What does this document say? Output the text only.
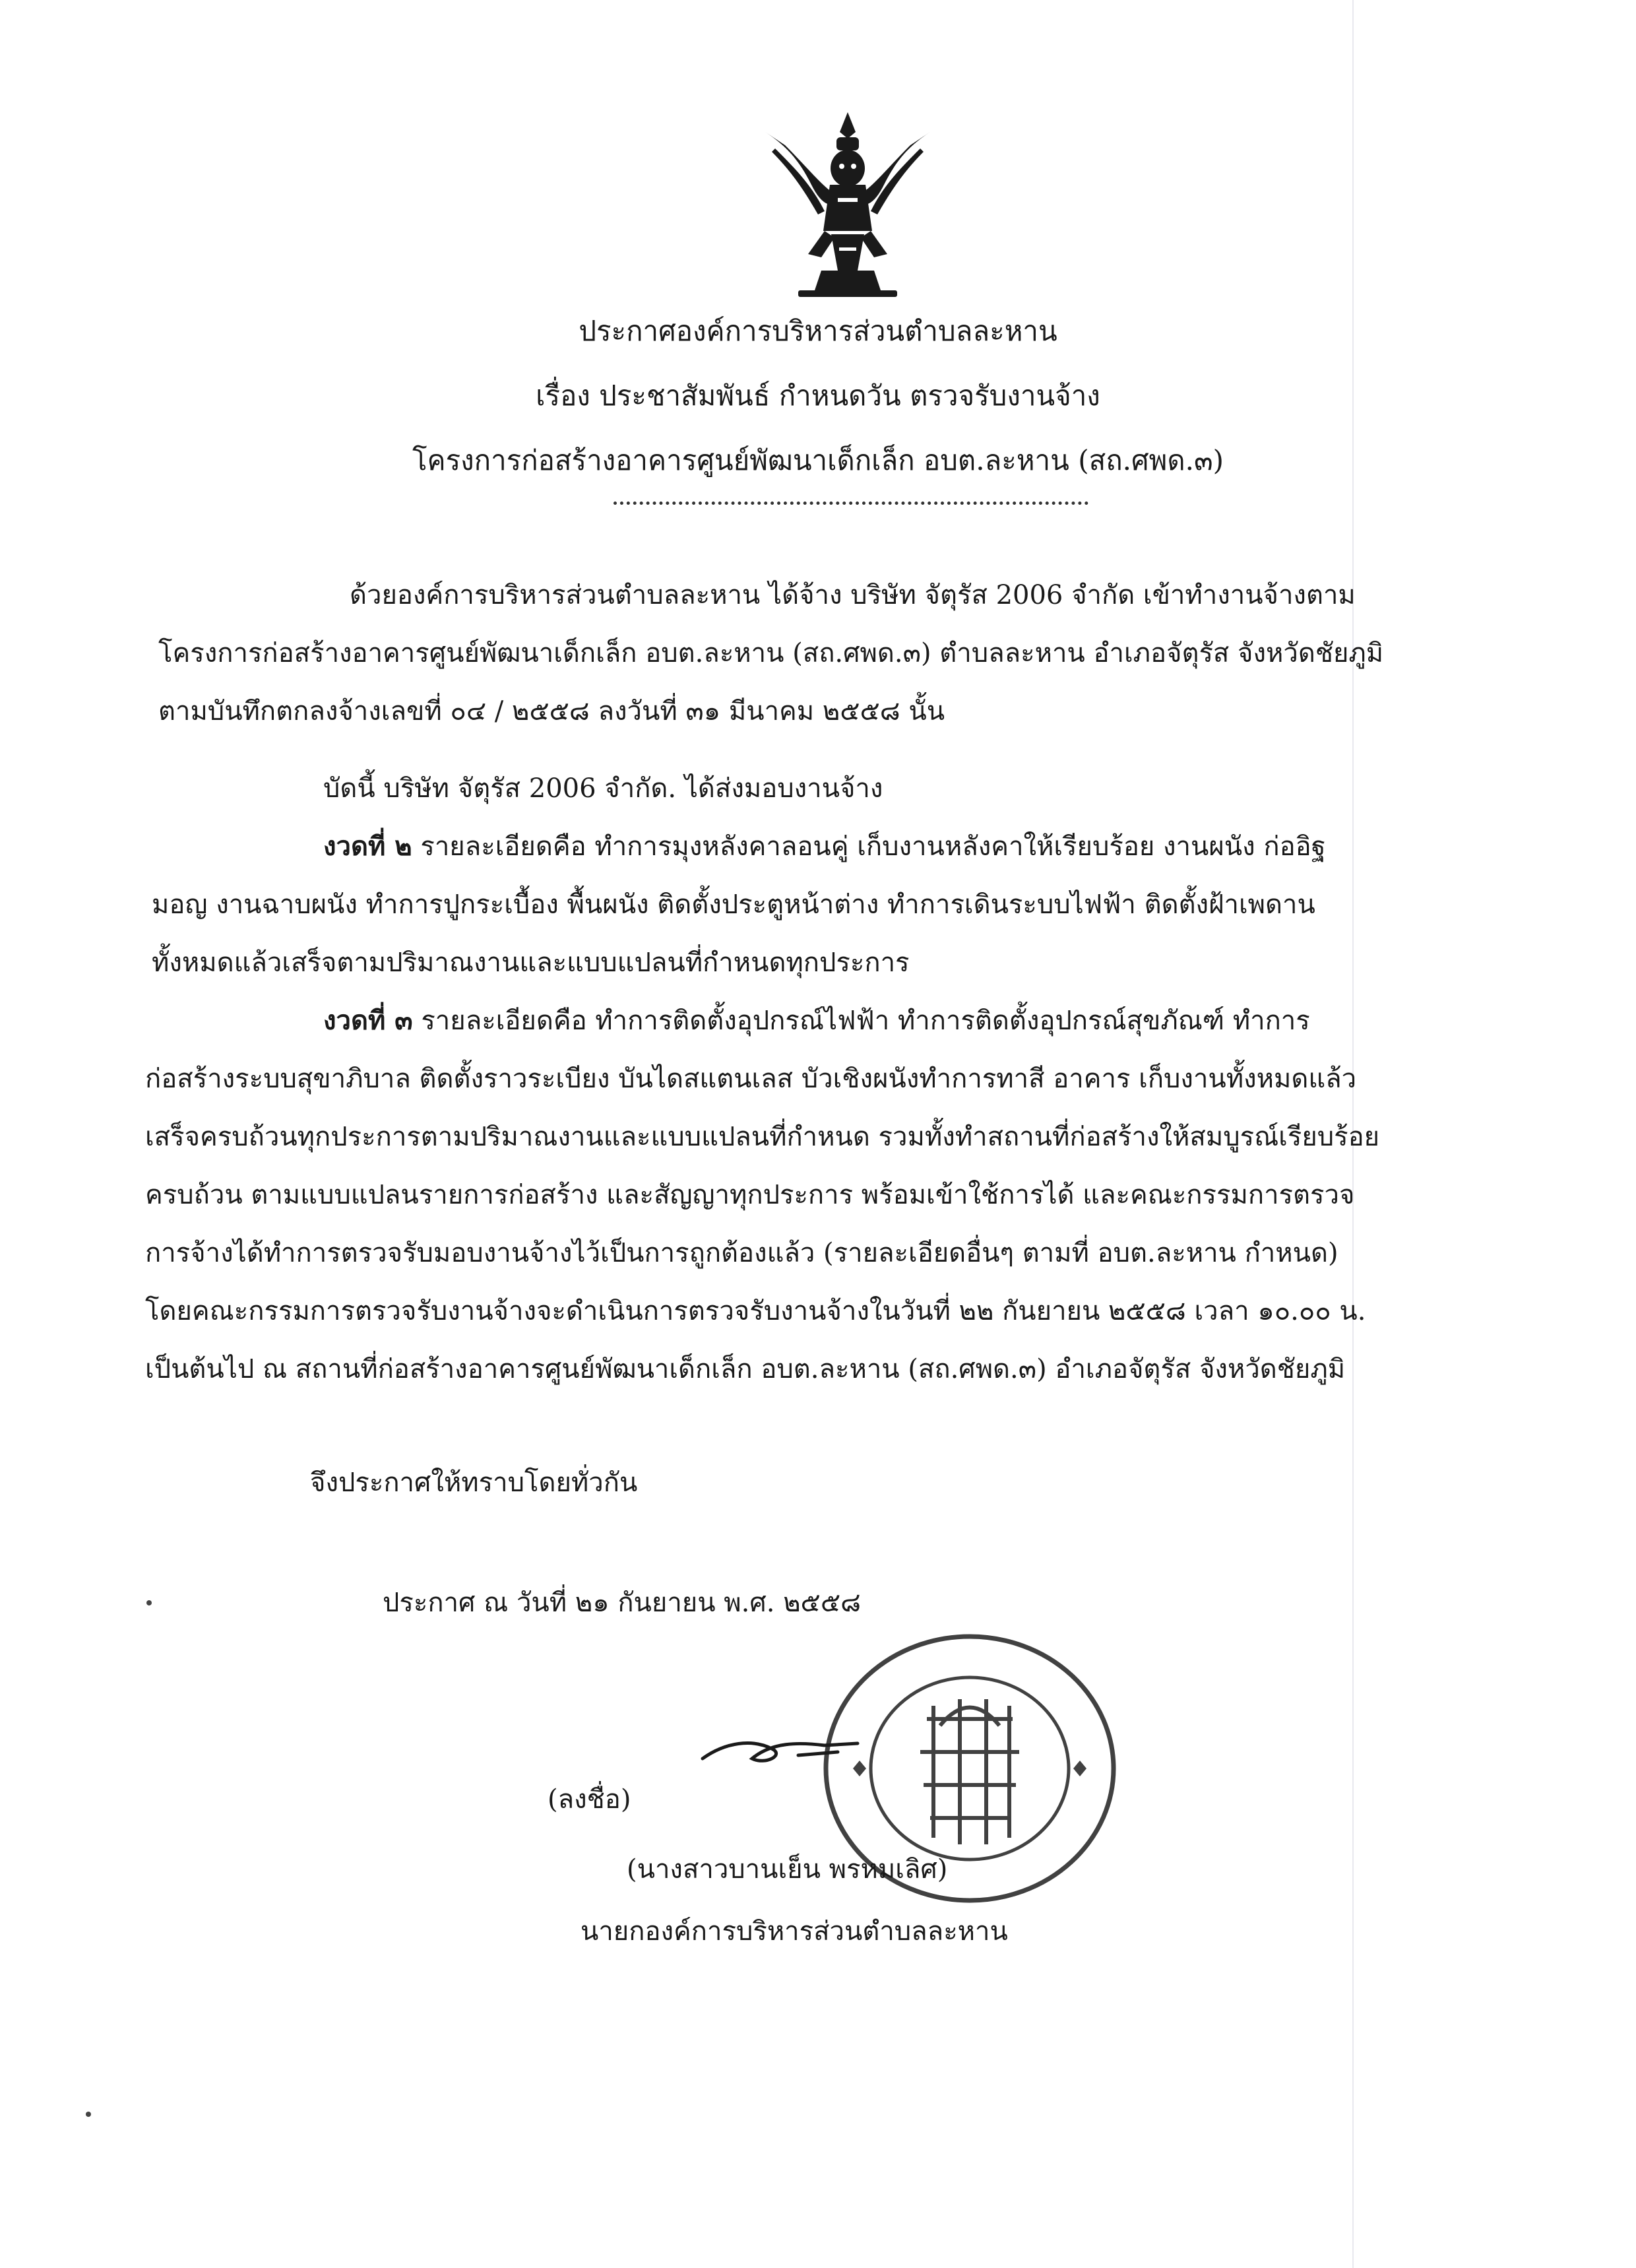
ประกาศองค์การบริหารส่วนตำบลละหาน
เรื่อง ประชาสัมพันธ์ กำหนดวัน ตรวจรับงานจ้าง
โครงการก่อสร้างอาคารศูนย์พัฒนาเด็กเล็ก อบต.ละหาน (สถ.ศพด.๓)
ด้วยองค์การบริหารส่วนตำบลละหาน ได้จ้าง บริษัท จัตุรัส 2006 จำกัด เข้าทำงานจ้างตาม
โครงการก่อสร้างอาคารศูนย์พัฒนาเด็กเล็ก อบต.ละหาน (สถ.ศพด.๓) ตำบลละหาน อำเภอจัตุรัส จังหวัดชัยภูมิ
ตามบันทึกตกลงจ้างเลขที่ ๐๔ / ๒๕๕๘ ลงวันที่ ๓๑ มีนาคม ๒๕๕๘ นั้น
บัดนี้ บริษัท จัตุรัส 2006 จำกัด. ได้ส่งมอบงานจ้าง
งวดที่ ๒ รายละเอียดคือ ทำการมุงหลังคาลอนคู่ เก็บงานหลังคาให้เรียบร้อย งานผนัง ก่ออิฐ
มอญ งานฉาบผนัง ทำการปูกระเบื้อง พื้นผนัง ติดตั้งประตูหน้าต่าง ทำการเดินระบบไฟฟ้า ติดตั้งฝ้าเพดาน
ทั้งหมดแล้วเสร็จตามปริมาณงานและแบบแปลนที่กำหนดทุกประการ
งวดที่ ๓ รายละเอียดคือ ทำการติดตั้งอุปกรณ์ไฟฟ้า ทำการติดตั้งอุปกรณ์สุขภัณฑ์ ทำการ
ก่อสร้างระบบสุขาภิบาล ติดตั้งราวระเบียง บันไดสแตนเลส บัวเชิงผนังทำการทาสี อาคาร เก็บงานทั้งหมดแล้ว
เสร็จครบถ้วนทุกประการตามปริมาณงานและแบบแปลนที่กำหนด รวมทั้งทำสถานที่ก่อสร้างให้สมบูรณ์เรียบร้อย
ครบถ้วน ตามแบบแปลนรายการก่อสร้าง และสัญญาทุกประการ พร้อมเข้าใช้การได้ และคณะกรรมการตรวจ
การจ้างได้ทำการตรวจรับมอบงานจ้างไว้เป็นการถูกต้องแล้ว (รายละเอียดอื่นๆ ตามที่ อบต.ละหาน กำหนด)
โดยคณะกรรมการตรวจรับงานจ้างจะดำเนินการตรวจรับงานจ้างในวันที่ ๒๒ กันยายน ๒๕๕๘ เวลา ๑๐.๐๐ น.
เป็นต้นไป ณ สถานที่ก่อสร้างอาคารศูนย์พัฒนาเด็กเล็ก อบต.ละหาน (สถ.ศพด.๓) อำเภอจัตุรัส จังหวัดชัยภูมิ
จึงประกาศให้ทราบโดยทั่วกัน
ประกาศ ณ วันที่ ๒๑ กันยายน พ.ศ. ๒๕๕๘
(ลงชื่อ)
(นางสาวบานเย็น พรหมเลิศ)
นายกองค์การบริหารส่วนตำบลละหาน
